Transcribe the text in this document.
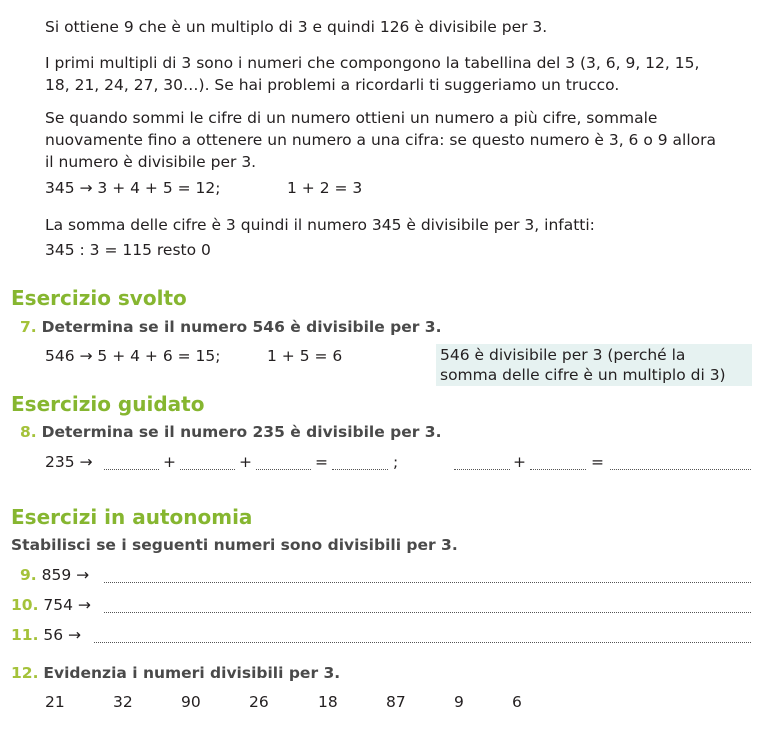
Si ottiene 9 che è un multiplo di 3 e quindi 126 è divisibile per 3.
I primi multipli di 3 sono i numeri che compongono la tabellina del 3 (3, 6, 9, 12, 15,
18, 21, 24, 27, 30…). Se hai problemi a ricordarli ti suggeriamo un trucco.
Se quando sommi le cifre di un numero ottieni un numero a più cifre, sommale
nuovamente fino a ottenere un numero a una cifra: se questo numero è 3, 6 o 9 allora
il numero è divisibile per 3.
345 → 3 + 4 + 5 = 12;	1 + 2 = 3
La somma delle cifre è 3 quindi il numero 345 è divisibile per 3, infatti:
345 : 3 = 115 resto 0
Esercizio svolto
7. Determina se il numero 546 è divisibile per 3.
546 → 5 + 4 + 6 = 15;	1 + 5 = 6	546 è divisibile per 3 (perché la
somma delle cifre è un multiplo di 3)
Esercizio guidato
8. Determina se il numero 235 è divisibile per 3.
235 →	+	+	=	;	+	=
Esercizi in autonomia
Stabilisci se i seguenti numeri sono divisibili per 3.
9. 859 →
10. 754 →
11. 56 →
12. Evidenzia i numeri divisibili per 3.
21	32	90	26	18	87	9	6
